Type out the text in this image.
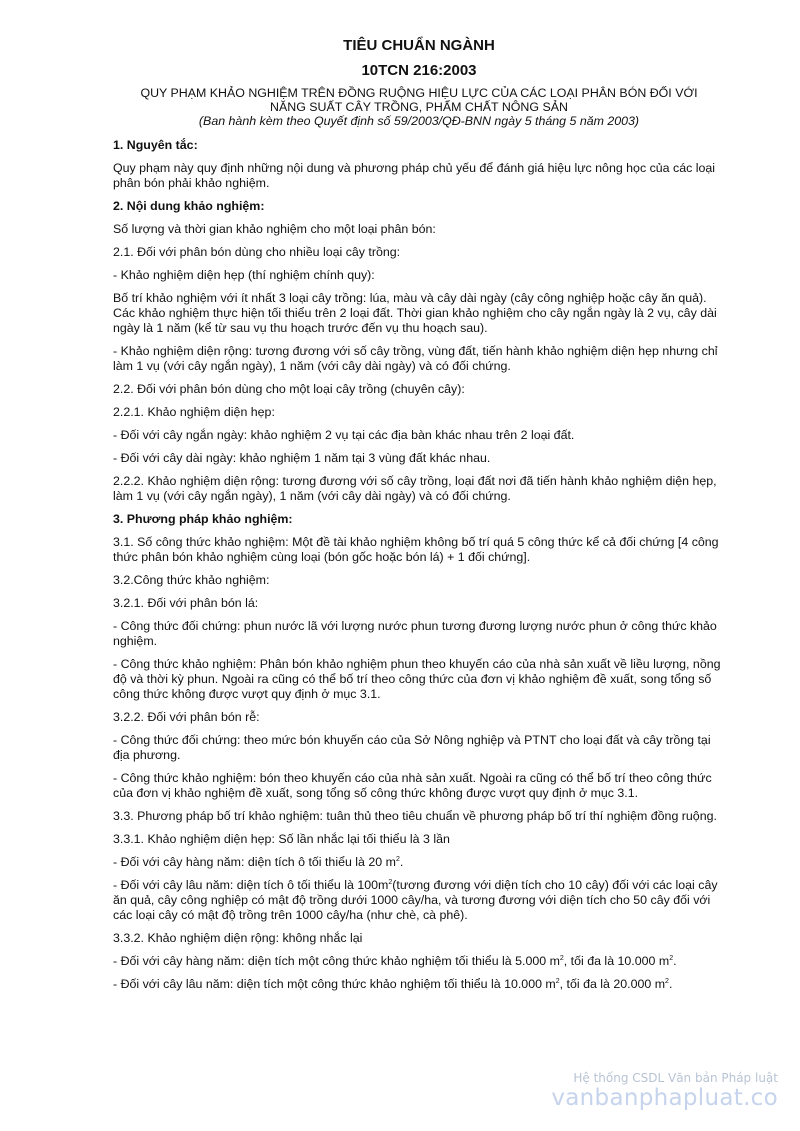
TIÊU CHUẨN NGÀNH
10TCN 216:2003
QUY PHẠM KHẢO NGHIỆM TRÊN ĐỒNG RUỘNG HIỆU LỰC CỦA CÁC LOẠI PHÂN BÓN ĐỐI VỚI
NĂNG SUẤT CÂY TRỒNG, PHẨM CHẤT NÔNG SẢN
(Ban hành kèm theo Quyết định số 59/2003/QĐ-BNN ngày 5 tháng 5 năm 2003)
1. Nguyên tắc:

Quy phạm này quy định những nội dung và phương pháp chủ yếu để đánh giá hiệu lực nông học của các loại phân bón phải khảo nghiệm.

2. Nội dung khảo nghiệm:

Số lượng và thời gian khảo nghiệm cho một loại phân bón:

2.1. Đối với phân bón dùng cho nhiều loại cây trồng:

- Khảo nghiệm diện hẹp (thí nghiệm chính quy):

Bố trí khảo nghiệm với ít nhất 3 loại cây trồng: lúa, màu và cây dài ngày (cây công nghiệp hoặc cây ăn quả). Các khảo nghiệm thực hiện tối thiểu trên 2 loại đất. Thời gian khảo nghiệm cho cây ngắn ngày là 2 vụ, cây dài ngày là 1 năm (kể từ sau vụ thu hoạch trước đến vụ thu hoạch sau).

- Khảo nghiệm diện rộng: tương đương với số cây trồng, vùng đất, tiến hành khảo nghiệm diện hẹp nhưng chỉ làm 1 vụ (với cây ngắn ngày), 1 năm (với cây dài ngày) và có đối chứng.

2.2. Đối với phân bón dùng cho một loại cây trồng (chuyên cây):

2.2.1. Khảo nghiệm diện hẹp:

- Đối với cây ngắn ngày: khảo nghiệm 2 vụ tại các địa bàn khác nhau trên 2 loại đất.

- Đối với cây dài ngày: khảo nghiệm 1 năm tại 3 vùng đất khác nhau.

2.2.2. Khảo nghiệm diện rộng: tương đương với số cây trồng, loại đất nơi đã tiến hành khảo nghiệm diện hẹp, làm 1 vụ (với cây ngắn ngày), 1 năm (với cây dài ngày) và có đối chứng.

3. Phương pháp khảo nghiệm:

3.1. Số công thức khảo nghiệm: Một đề tài khảo nghiệm không bố trí quá 5 công thức kể cả đối chứng [4 công thức phân bón khảo nghiệm cùng loại (bón gốc hoặc bón lá) + 1 đối chứng].

3.2.Công thức khảo nghiệm:

3.2.1. Đối với phân bón lá:

- Công thức đối chứng: phun nước lã với lượng nước phun tương đương lượng nước phun ở công thức khảo nghiệm.

- Công thức khảo nghiệm: Phân bón khảo nghiệm phun theo khuyến cáo của nhà sản xuất về liều lượng, nồng độ và thời kỳ phun. Ngoài ra cũng có thể bố trí theo công thức của đơn vị khảo nghiệm đề xuất, song tổng số công thức không được vượt quy định ở mục 3.1.

3.2.2. Đối với phân bón rễ:

- Công thức đối chứng: theo mức bón khuyến cáo của Sở Nông nghiệp và PTNT cho loại đất và cây trồng tại địa phương.

- Công thức khảo nghiệm: bón theo khuyến cáo của nhà sản xuất. Ngoài ra cũng có thể bố trí theo công thức của đơn vị khảo nghiệm đề xuất, song tổng số công thức không được vượt quy định ở mục 3.1.

3.3. Phương pháp bố trí khảo nghiệm: tuân thủ theo tiêu chuẩn về phương pháp bố trí thí nghiệm đồng ruộng.

3.3.1. Khảo nghiệm diện hẹp: Số lần nhắc lại tối thiểu là 3 lần

- Đối với cây hàng năm: diện tích ô tối thiểu là 20 $m^2$.

- Đối với cây lâu năm: diện tích ô tối thiểu là $100m^2(tương$ đương với diện tích cho 10 cây) đối với các loại cây ăn quả, cây công nghiệp có mật độ trồng dưới 1000 cây/ha, và tương đương với diện tích cho 50 cây đối với các loại cây có mật độ trồng trên 1000 cây/ha (như chè, cà phê).

3.3.2. Khảo nghiệm diện rộng: không nhắc lại

- Đối với cây hàng năm: diện tích một công thức khảo nghiệm tối thiểu là 5.000 $m^2$, tối đa là 10.000 $m^2$.

- Đối với cây lâu năm: diện tích một công thức khảo nghiệm tối thiểu là 10.000 $m^2$, tối đa là 20.000 $m^2$.

Hệ thống CSDL Văn bản Pháp luật
vanbanphapluat.co
